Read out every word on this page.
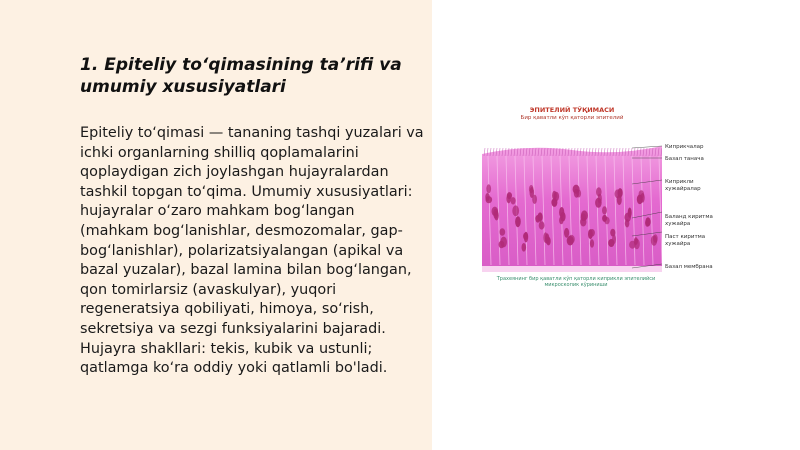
1. Epiteliy to‘qimasining ta’rifi va umumiy xususiyatlari

Epiteliy to‘qimasi — tananing tashqi yuzalari va ichki organlarning shilliq qoplamalarini qoplaydigan zich joylashgan hujayralardan tashkil topgan to‘qima. Umumiy xususiyatlari: hujayralar o‘zaro mahkam bog‘langan (mahkam bog‘lanishlar, desmozomalar, gap-bog‘lanishlar), polarizatsiyalangan (apikal va bazal yuzalar), bazal lamina bilan bog‘langan, qon tomirlarsiz (avaskulyar), yuqori regeneratsiya qobiliyati, himoya, so‘rish, sekretsiya va sezgi funksiyalarini bajaradi. Hujayra shakllari: tekis, kubik va ustunli; qatlamga ko‘ra oddiy yoki qatlamli bo'ladi.

ЭПИТЕЛИЙ ТЎҚИМАСИ
Бир қаватли кўп қаторли эпителий
Киприкчалар
Базал танача
Киприкли хужайралар
Баланд киритма хужайра
Паст киритма хужайра
Базал мембрана
Трахеянинг бир қаватли кўп қаторли киприкли эпителийси микроскопик кўриниши
